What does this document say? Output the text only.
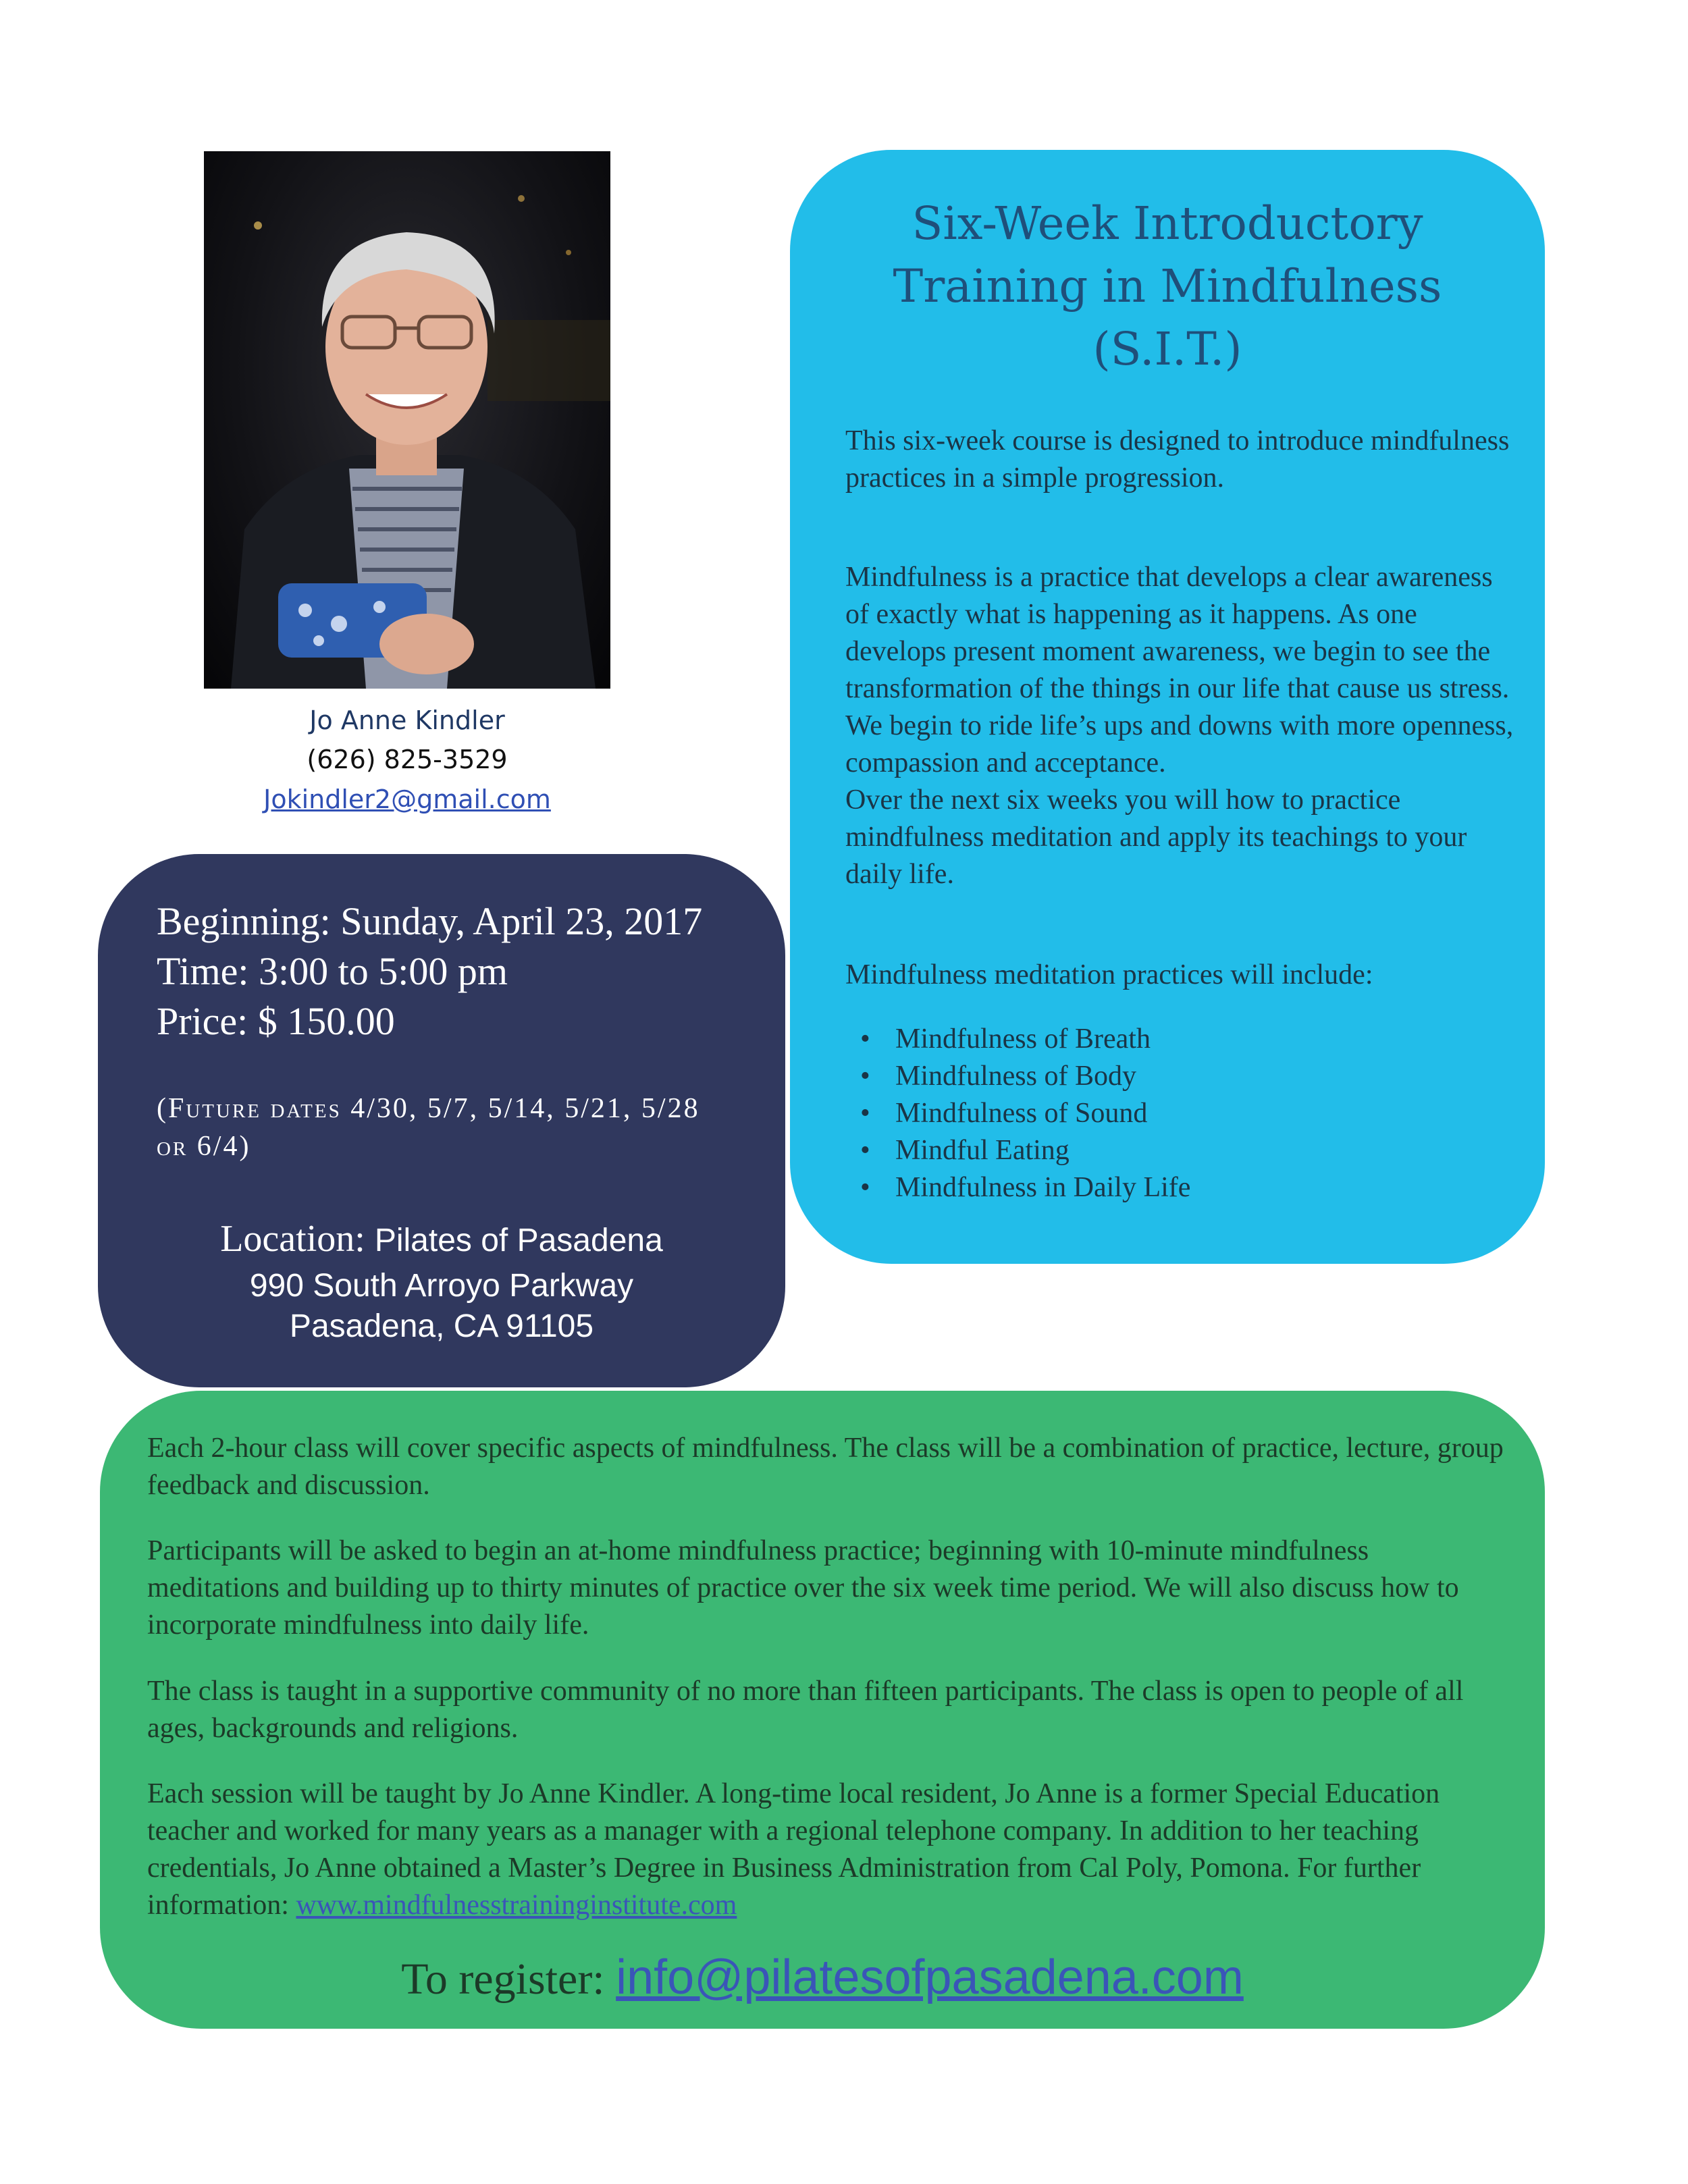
Jo Anne Kindler
(626) 825-3529
Jokindler2@gmail.com
Six-Week Introductory
Training in Mindfulness
(S.I.T.)
This six-week course is designed to introduce mindfulness practices in a simple progression.
Mindfulness is a practice that develops a clear awareness of exactly what is happening as it happens. As one develops present moment awareness, we begin to see the transformation of the things in our life that cause us stress. We begin to ride life’s ups and downs with more openness, compassion and acceptance.
Over the next six weeks you will how to practice mindfulness meditation and apply its teachings to your daily life.
Mindfulness meditation practices will include:
• Mindfulness of Breath
• Mindfulness of Body
• Mindfulness of Sound
• Mindful Eating
• Mindfulness in Daily Life
Beginning: Sunday, April 23, 2017
Time: 3:00 to 5:00 pm
Price: $ 150.00
(Future dates 4/30, 5/7, 5/14, 5/21, 5/28 or 6/4)
Location: Pilates of Pasadena
990 South Arroyo Parkway
Pasadena, CA 91105

Each 2-hour class will cover specific aspects of mindfulness. The class will be a combination of practice, lecture, group feedback and discussion.

Participants will be asked to begin an at-home mindfulness practice; beginning with 10-minute mindfulness meditations and building up to thirty minutes of practice over the six week time period. We will also discuss how to incorporate mindfulness into daily life.

The class is taught in a supportive community of no more than fifteen participants. The class is open to people of all ages, backgrounds and religions.

Each session will be taught by Jo Anne Kindler. A long-time local resident, Jo Anne is a former Special Education teacher and worked for many years as a manager with a regional telephone company. In addition to her teaching credentials, Jo Anne obtained a Master’s Degree in Business Administration from Cal Poly, Pomona. For further information: www.mindfulnesstraininginstitute.com

To register: info@pilatesofpasadena.com
